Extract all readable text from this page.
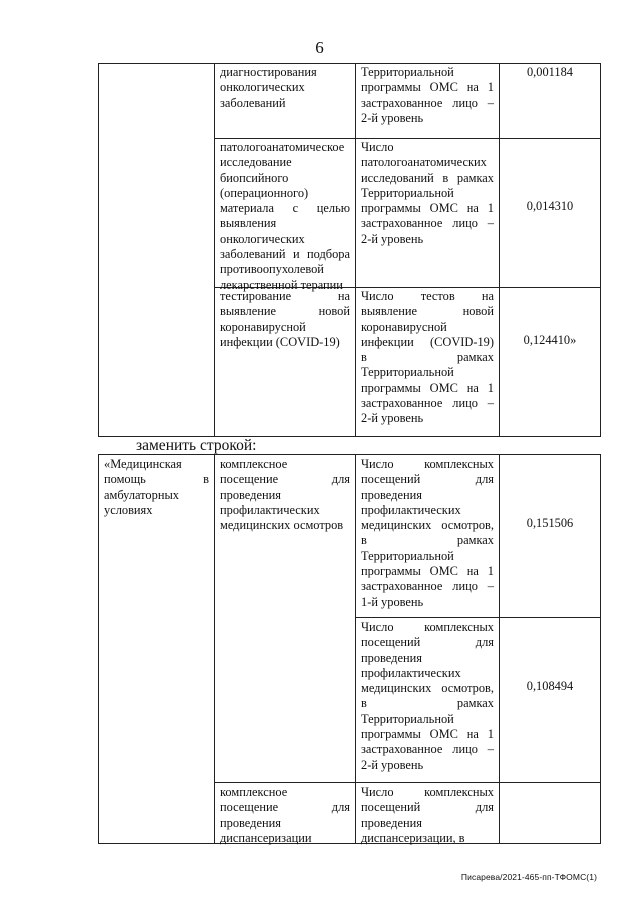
6
диагностирования
онкологических
заболеваний
Территориальной
программы ОМС на 1
застрахованное лицо –
2-й уровень
0,001184
патологоанатомическое
исследование
биопсийного
(операционного)
материала с целью
выявления
онкологических
заболеваний и подбора
противоопухолевой
лекарственной терапии
Число
патологоанатомических
исследований в рамках
Территориальной
программы ОМС на 1
застрахованное лицо –
2-й уровень
0,014310
тестирование на
выявление новой
коронавирусной
инфекции (COVID-19)
Число тестов на
выявление новой
коронавирусной
инфекции (COVID-19)
в рамках
Территориальной
программы ОМС на 1
застрахованное лицо –
2-й уровень
0,124410»
заменить строкой:
«Медицинская
помощь в
амбулаторных
условиях
комплексное
посещение для
проведения
профилактических
медицинских осмотров
Число комплексных
посещений для
проведения
профилактических
медицинских осмотров,
в рамках
Территориальной
программы ОМС на 1
застрахованное лицо –
1-й уровень
0,151506
Число комплексных
посещений для
проведения
профилактических
медицинских осмотров,
в рамках
Территориальной
программы ОМС на 1
застрахованное лицо –
2-й уровень
0,108494
комплексное
посещение для
проведения
диспансеризации
Число комплексных
посещений для
проведения
диспансеризации, в
Писарева/2021-465-пп-ТФОМС(1)
